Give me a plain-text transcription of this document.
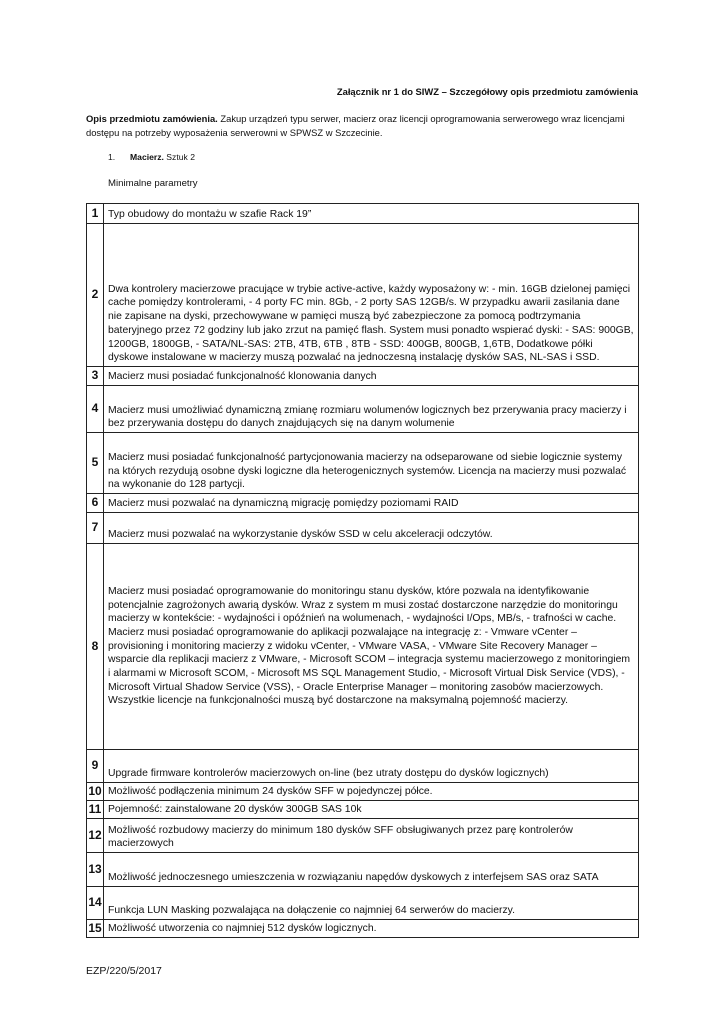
Załącznik nr 1 do SIWZ – Szczegółowy opis przedmiotu zamówienia
Opis przedmiotu zamówienia. Zakup urządzeń typu serwer, macierz oraz licencji oprogramowania serwerowego wraz licencjami dostępu na potrzeby wyposażenia serwerowni w SPWSZ w Szczecinie.
1. Macierz. Sztuk 2
Minimalne parametry
1	Typ obudowy do montażu w szafie Rack 19”
2	Dwa kontrolery macierzowe pracujące w trybie active-active, każdy wyposażony w: - min. 16GB dzielonej pamięci cache pomiędzy kontrolerami, - 4 porty FC min. 8Gb, - 2 porty SAS 12GB/s. W przypadku awarii zasilania dane nie zapisane na dyski, przechowywane w pamięci muszą być zabezpieczone za pomocą podtrzymania bateryjnego przez 72 godziny lub jako zrzut na pamięć flash. System musi ponadto wspierać dyski: - SAS: 900GB, 1200GB, 1800GB, - SATA/NL-SAS: 2TB, 4TB, 6TB , 8TB - SSD: 400GB, 800GB, 1,6TB, Dodatkowe półki dyskowe instalowane w macierzy muszą pozwalać na jednoczesną instalację dysków SAS, NL-SAS i SSD.
3	Macierz musi posiadać funkcjonalność klonowania danych
4	Macierz musi umożliwiać dynamiczną zmianę rozmiaru wolumenów logicznych bez przerywania pracy macierzy i bez przerywania dostępu do danych znajdujących się na danym wolumenie
5	Macierz musi posiadać funkcjonalność partycjonowania macierzy na odseparowane od siebie logicznie systemy na których rezydują osobne dyski logiczne dla heterogenicznych systemów. Licencja na macierzy musi pozwalać na wykonanie do 128 partycji.
6	Macierz musi pozwalać na dynamiczną migrację pomiędzy poziomami RAID
7	Macierz musi pozwalać na wykorzystanie dysków SSD w celu akceleracji odczytów.
8	Macierz musi posiadać oprogramowanie do monitoringu stanu dysków, które pozwala na identyfikowanie potencjalnie zagrożonych awarią dysków. Wraz z system m musi zostać dostarczone narzędzie do monitoringu macierzy w kontekście: - wydajności i opóźnień na wolumenach, - wydajności I/Ops, MB/s, - trafności w cache. Macierz musi posiadać oprogramowanie do aplikacji pozwalające na integrację z: - Vmware vCenter – provisioning i monitoring macierzy z widoku vCenter, - VMware VASA, - VMware Site Recovery Manager – wsparcie dla replikacji macierz z VMware, - Microsoft SCOM – integracja systemu macierzowego z monitoringiem i alarmami w Microsoft SCOM, - Microsoft MS SQL Management Studio, - Microsoft Virtual Disk Service (VDS), - Microsoft Virtual Shadow Service (VSS), - Oracle Enterprise Manager – monitoring zasobów macierzowych. Wszystkie licencje na funkcjonalności muszą być dostarczone na maksymalną pojemność macierzy.
9	Upgrade firmware kontrolerów macierzowych on-line (bez utraty dostępu do dysków logicznych)
10	Możliwość podłączenia minimum 24 dysków SFF w pojedynczej półce.
11	Pojemność: zainstalowane 20 dysków 300GB SAS 10k
12	Możliwość rozbudowy macierzy do minimum 180 dysków SFF obsługiwanych przez parę kontrolerów macierzowych
13	Możliwość jednoczesnego umieszczenia w rozwiązaniu napędów dyskowych z interfejsem SAS oraz SATA
14	Funkcja LUN Masking pozwalająca na dołączenie co najmniej 64 serwerów do macierzy.
15	Możliwość utworzenia co najmniej 512 dysków logicznych.
EZP/220/5/2017
